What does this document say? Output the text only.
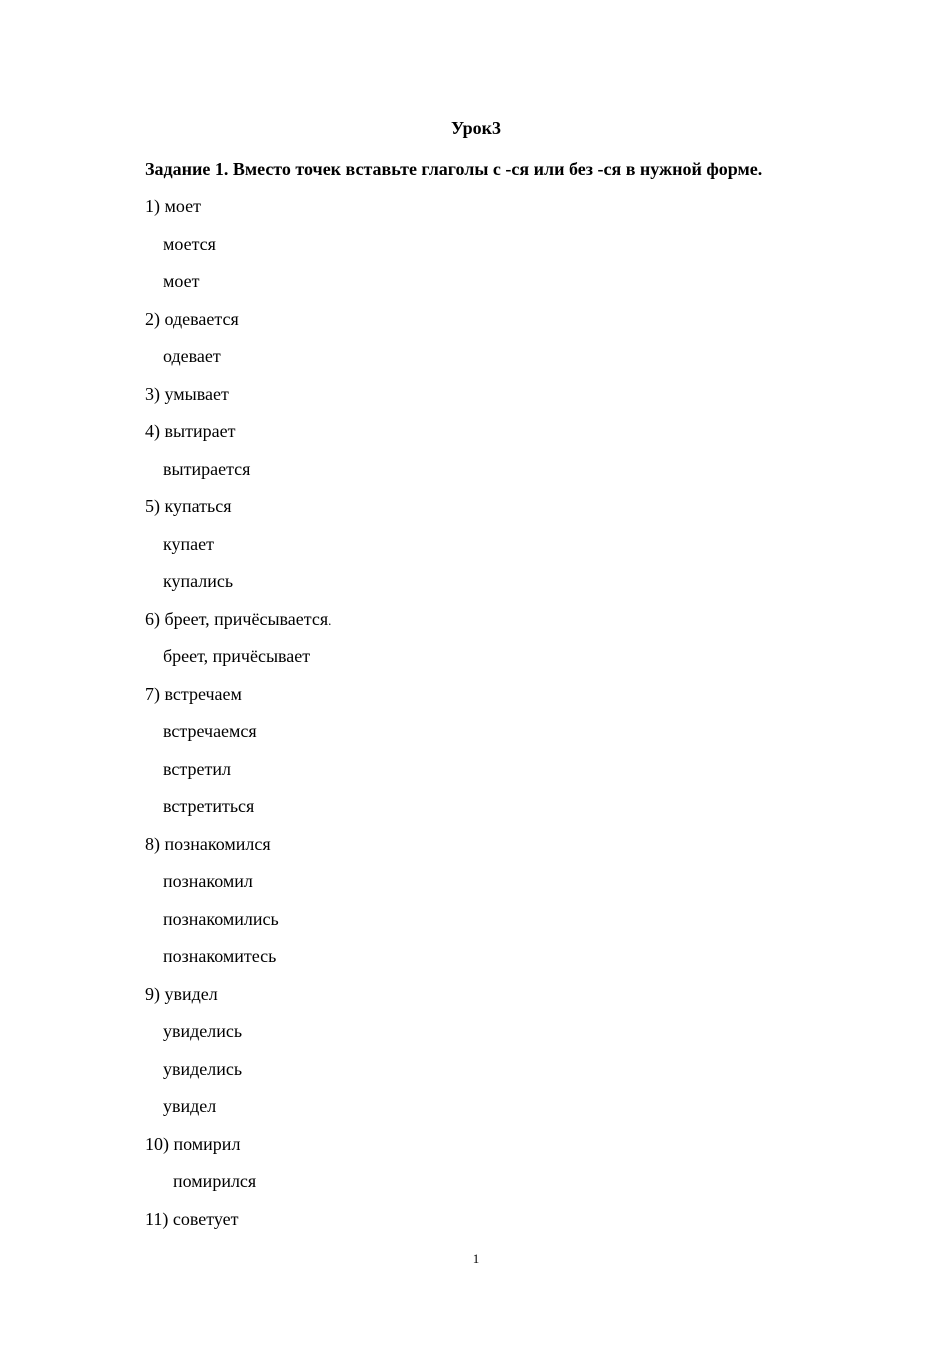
Урок3
Задание 1. Вместо точек вставьте глаголы с -ся или без -ся в нужной форме.
1) моет
моется
моет
2) одевается
одевает
3) умывает
4) вытирает
вытирается
5) купаться
купает
купались
6) бреет, причёсывается.
бреет, причёсывает
7) встречаем
встречаемся
встретил
встретиться
8) познакомился
познакомил
познакомились
познакомитесь
9) увидел
увиделись
увиделись
увидел
10) помирил
помирился
11) советует
1
